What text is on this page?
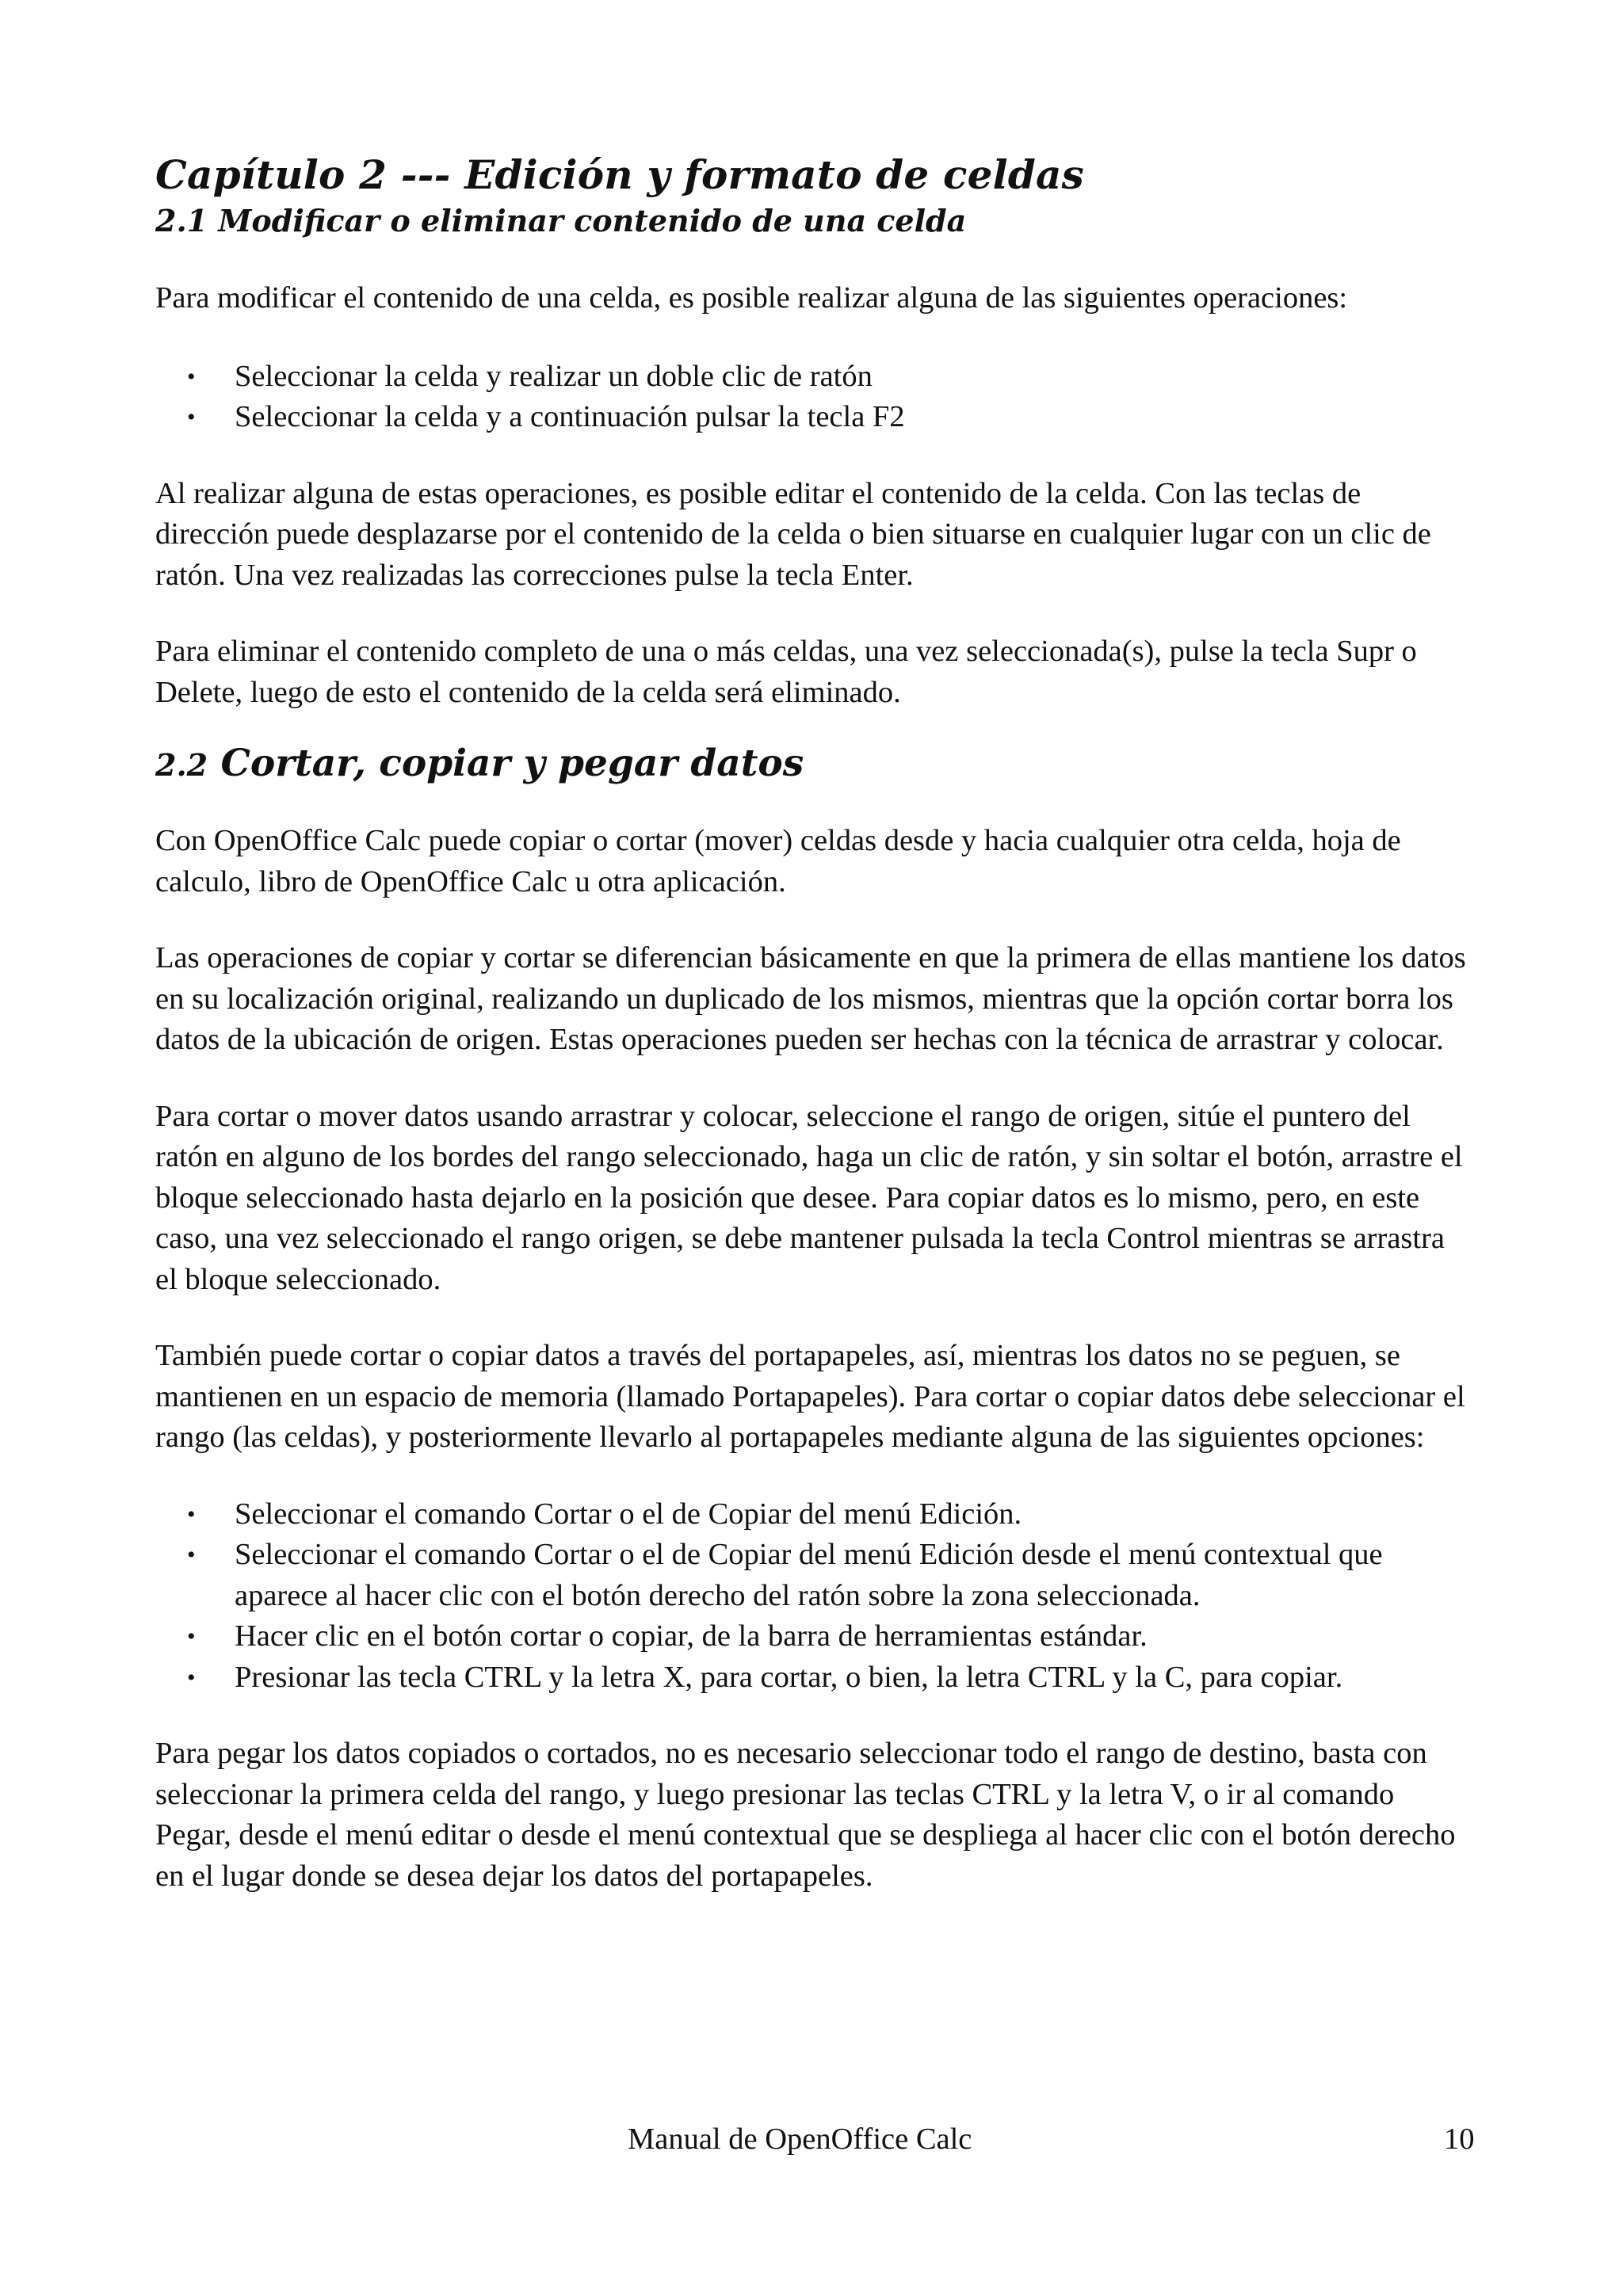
Capítulo 2 --- Edición y formato de celdas
2.1 Modificar o eliminar contenido de una celda

Para modificar el contenido de una celda, es posible realizar alguna de las siguientes operaciones:

• Seleccionar la celda y realizar un doble clic de ratón
• Seleccionar la celda y a continuación pulsar la tecla F2

Al realizar alguna de estas operaciones, es posible editar el contenido de la celda. Con las teclas de dirección puede desplazarse por el contenido de la celda o bien situarse en cualquier lugar con un clic de ratón. Una vez realizadas las correcciones pulse la tecla Enter.

Para eliminar el contenido completo de una o más celdas, una vez seleccionada(s), pulse la tecla Supr o Delete, luego de esto el contenido de la celda será eliminado.

2.2 Cortar, copiar y pegar datos

Con OpenOffice Calc puede copiar o cortar (mover) celdas desde y hacia cualquier otra celda, hoja de calculo, libro de OpenOffice Calc u otra aplicación.

Las operaciones de copiar y cortar se diferencian básicamente en que la primera de ellas mantiene los datos en su localización original, realizando un duplicado de los mismos, mientras que la opción cortar borra los datos de la ubicación de origen. Estas operaciones pueden ser hechas con la técnica de arrastrar y colocar.

Para cortar o mover datos usando arrastrar y colocar, seleccione el rango de origen, sitúe el puntero del ratón en alguno de los bordes del rango seleccionado, haga un clic de ratón, y sin soltar el botón, arrastre el bloque seleccionado hasta dejarlo en la posición que desee. Para copiar datos es lo mismo, pero, en este caso, una vez seleccionado el rango origen, se debe mantener pulsada la tecla Control mientras se arrastra el bloque seleccionado.

También puede cortar o copiar datos a través del portapapeles, así, mientras los datos no se peguen, se mantienen en un espacio de memoria (llamado Portapapeles). Para cortar o copiar datos debe seleccionar el rango (las celdas), y posteriormente llevarlo al portapapeles mediante alguna de las siguientes opciones:

• Seleccionar el comando Cortar o el de Copiar del menú Edición.
• Seleccionar el comando Cortar o el de Copiar del menú Edición desde el menú contextual que aparece al hacer clic con el botón derecho del ratón sobre la zona seleccionada.
• Hacer clic en el botón cortar o copiar, de la barra de herramientas estándar.
• Presionar las tecla CTRL y la letra X, para cortar, o bien, la letra CTRL y la C, para copiar.

Para pegar los datos copiados o cortados, no es necesario seleccionar todo el rango de destino, basta con seleccionar la primera celda del rango, y luego presionar las teclas CTRL y la letra V, o ir al comando Pegar, desde el menú editar o desde el menú contextual que se despliega al hacer clic con el botón derecho en el lugar donde se desea dejar los datos del portapapeles.

Manual de OpenOffice Calc	10
